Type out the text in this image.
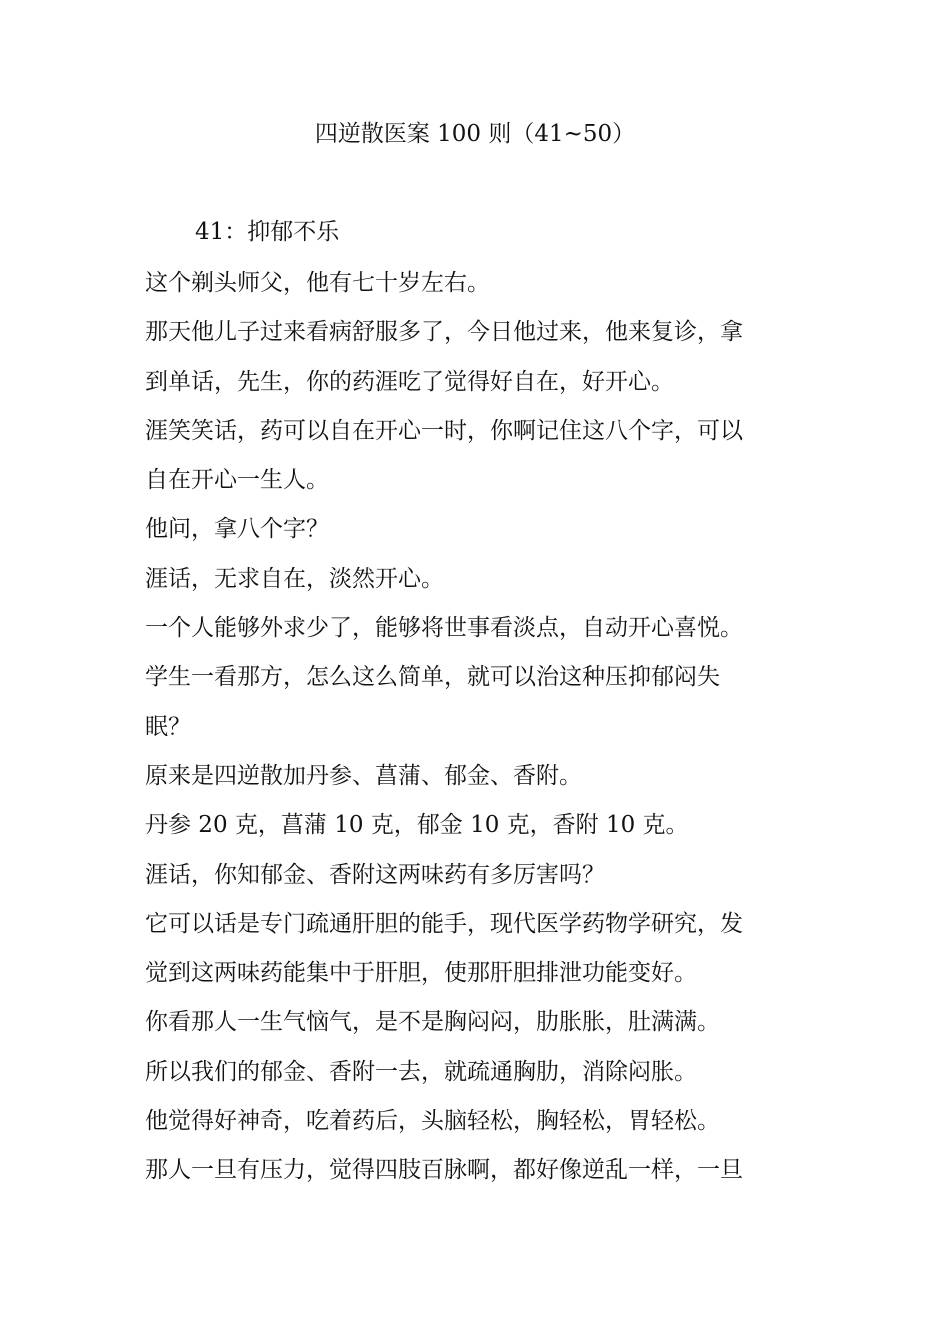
四逆散医案 100 则（41~50）
41：抑郁不乐

这个剃头师父，他有七十岁左右。

那天他儿子过来看病舒服多了，今日他过来，他来复诊，拿

到单话，先生，你的药涯吃了觉得好自在，好开心。

涯笑笑话，药可以自在开心一时，你啊记住这八个字，可以

自在开心一生人。

他问，拿八个字？

涯话，无求自在，淡然开心。

一个人能够外求少了，能够将世事看淡点，自动开心喜悦。

学生一看那方，怎么这么简单，就可以治这种压抑郁闷失

眠？

原来是四逆散加丹参、菖蒲、郁金、香附。

丹参 20 克，菖蒲 10 克，郁金 10 克，香附 10 克。

涯话，你知郁金、香附这两味药有多厉害吗？

它可以话是专门疏通肝胆的能手，现代医学药物学研究，发

觉到这两味药能集中于肝胆，使那肝胆排泄功能变好。

你看那人一生气恼气，是不是胸闷闷，肋胀胀，肚满满。

所以我们的郁金、香附一去，就疏通胸肋，消除闷胀。

他觉得好神奇，吃着药后，头脑轻松，胸轻松，胃轻松。

那人一旦有压力，觉得四肢百脉啊，都好像逆乱一样，一旦
